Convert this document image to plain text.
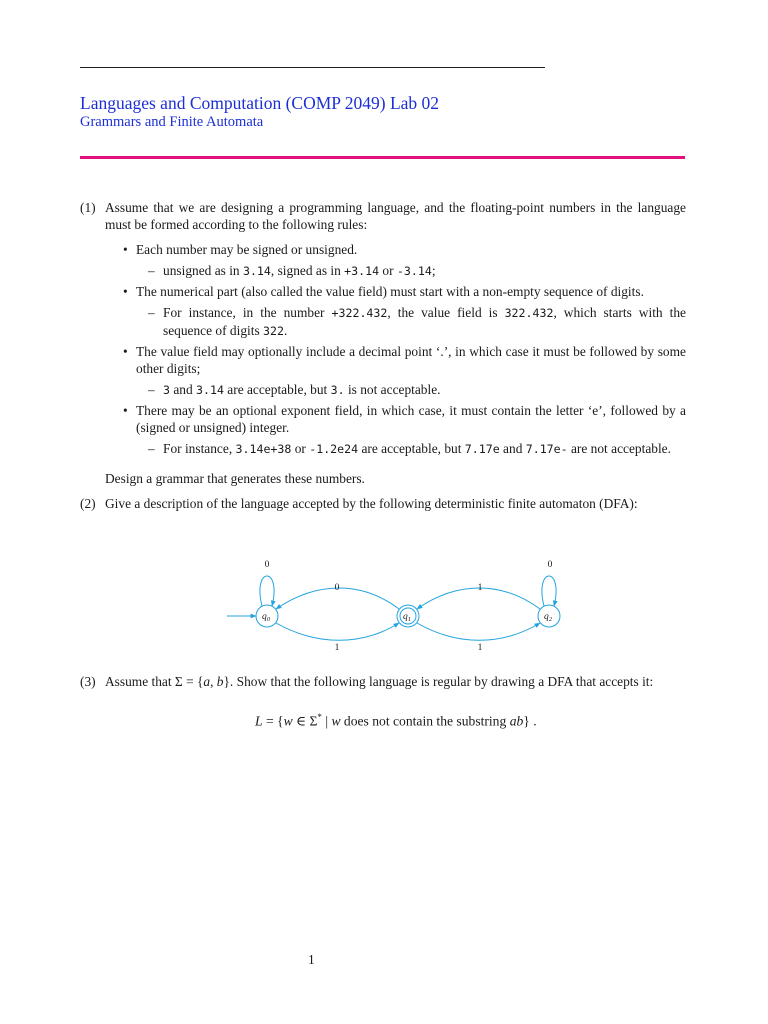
Languages and Computation (COMP 2049) Lab 02
Grammars and Finite Automata
(1) Assume that we are designing a programming language, and the floating-point numbers in the language must be formed according to the following rules:
• Each number may be signed or unsigned.
– unsigned as in 3.14, signed as in +3.14 or -3.14;
• The numerical part (also called the value field) must start with a non-empty sequence of digits.
– For instance, in the number +322.432, the value field is 322.432, which starts with the sequence of digits 322.
• The value field may optionally include a decimal point ‘.’, in which case it must be followed by some other digits;
– 3 and 3.14 are acceptable, but 3. is not acceptable.
• There may be an optional exponent field, in which case, it must contain the letter ‘e’, followed by a (signed or unsigned) integer.
– For instance, 3.14e+38 or -1.2e24 are acceptable, but 7.17e and 7.17e- are not acceptable.
Design a grammar that generates these numbers.
(2) Give a description of the language accepted by the following deterministic finite automaton (DFA):
$q_0$	$q_1$	$q_2$
0
0	1
0
1	1
(3) Assume that Σ = {a, b}. Show that the following language is regular by drawing a DFA that accepts it:
L = {w ∈ Σ* | w does not contain the substring ab} .
1
